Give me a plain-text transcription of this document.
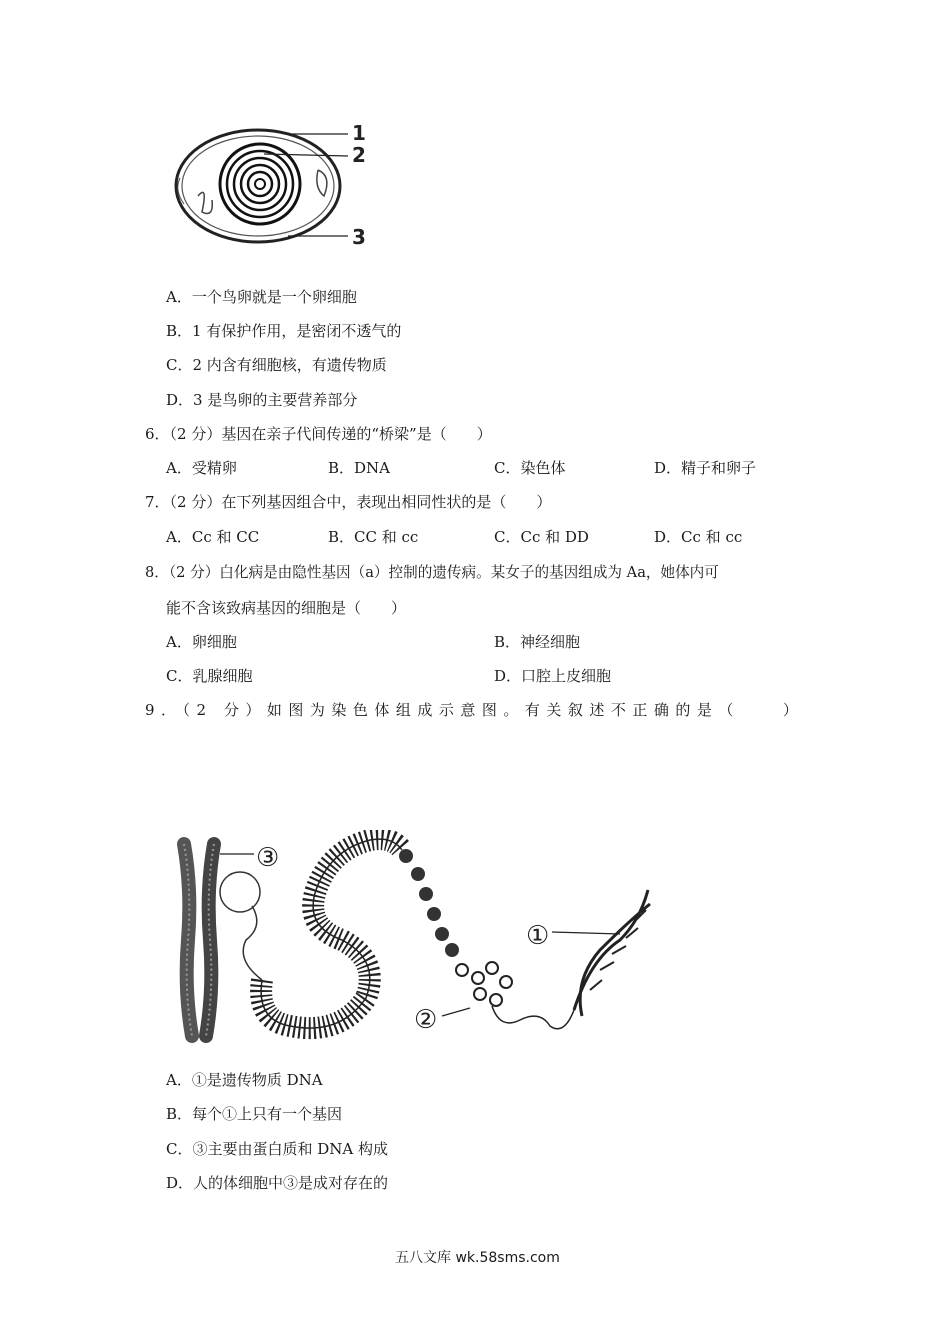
1
2
3
A．一个鸟卵就是一个卵细胞
B．1 有保护作用，是密闭不透气的
C．2 内含有细胞核，有遗传物质
D．3 是鸟卵的主要营养部分
6．（2 分）基因在亲子代间传递的“桥梁”是（　　）
A．受精卵	B．DNA	C．染色体	D．精子和卵子
7．（2 分）在下列基因组合中，表现出相同性状的是（　　）
A．Cc 和 CC	B．CC 和 cc	C．Cc 和 DD	D．Cc 和 cc
8．（2 分）白化病是由隐性基因（a）控制的遗传病。某女子的基因组成为 Aa，她体内可
能不含该致病基因的细胞是（　　）
A．卵细胞	B．神经细胞
C．乳腺细胞	D．口腔上皮细胞
9．（2 分）如图为染色体组成示意图。有关叙述不正确的是（　　）
③
①
②
A．①是遗传物质 DNA
B．每个①上只有一个基因
C．③主要由蛋白质和 DNA 构成
D．人的体细胞中③是成对存在的
五八文库 wk.58sms.com
